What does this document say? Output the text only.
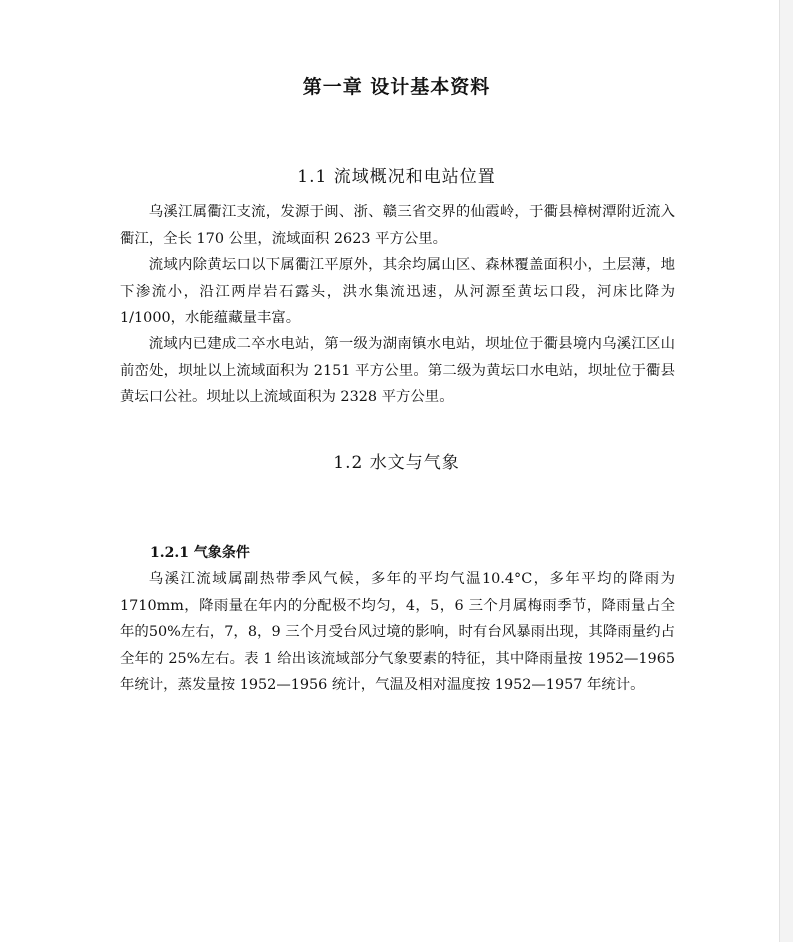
第一章 设计基本资料
1.1 流域概况和电站位置

乌溪江属衢江支流，发源于闽、浙、赣三省交界的仙霞岭，于衢县樟树潭附近流入衢江，全长 170 公里，流域面积 2623 平方公里。

流域内除黄坛口以下属衢江平原外，其余均属山区、森林覆盖面积小，土层薄，地下渗流小，沿江两岸岩石露头，洪水集流迅速，从河源至黄坛口段，河床比降为 1/1000，水能蕴藏量丰富。

流域内已建成二卒水电站，第一级为湖南镇水电站，坝址位于衢县境内乌溪江区山前峦处，坝址以上流域面积为 2151 平方公里。第二级为黄坛口水电站，坝址位于衢县黄坛口公社。坝址以上流域面积为 2328 平方公里。

1.2 水文与气象
1.2.1 气象条件

乌溪江流域属副热带季风气候，多年的平均气温10.4°C，多年平均的降雨为1710mm，降雨量在年内的分配极不均匀，4，5，6 三个月属梅雨季节，降雨量占全年的50%左右，7，8，9 三个月受台风过境的影响，时有台风暴雨出现，其降雨量约占全年的 25%左右。表 1 给出该流域部分气象要素的特征，其中降雨量按 1952—1965 年统计，蒸发量按 1952—1956 统计，气温及相对温度按 1952—1957 年统计。
